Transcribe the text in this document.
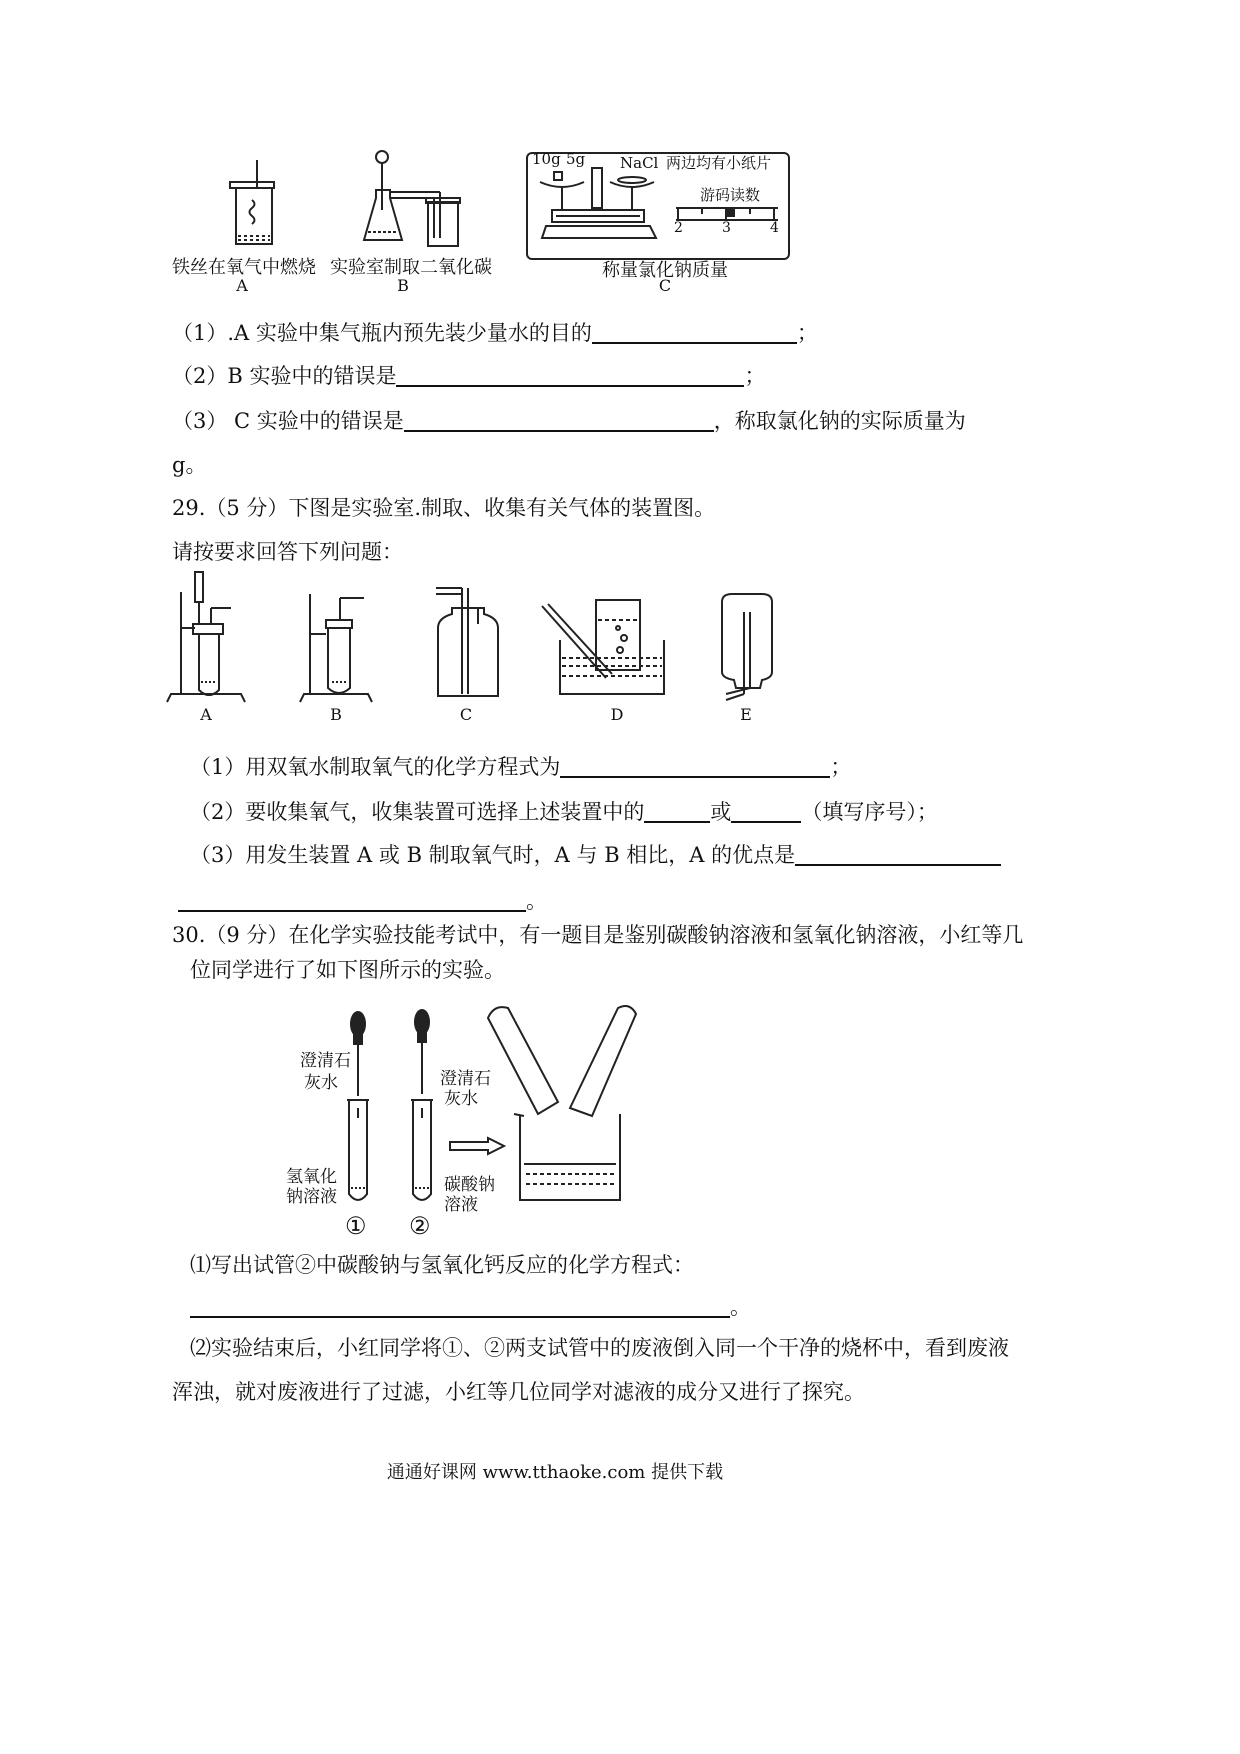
铁丝在氧气中燃烧
A
实验室制取二氧化碳
B
10g 5g NaCl 两边均有小纸片
游码读数
2	3	4
称量氯化钠质量
C
（1）.A 实验中集气瓶内预先装少量水的目的	；
（2）B 实验中的错误是	；
（3） C 实验中的错误是	，称取氯化钠的实际质量为
g。
29.（5 分）下图是实验室.制取、收集有关气体的装置图。
请按要求回答下列问题：
A	B	C	D	E
（1）用双氧水制取氧气的化学方程式为	；
（2）要收集氧气，收集装置可选择上述装置中的	或	（填写序号）；
（3）用发生装置 A 或 B 制取氧气时，A 与 B 相比，A 的优点是
。
30.（9 分）在化学实验技能考试中，有一题目是鉴别碳酸钠溶液和氢氧化钠溶液，小红等几
位同学进行了如下图所示的实验。
澄清石
灰水	澄清石
灰水
氢氧化
钠溶液
碳酸钠
溶液
① ②
⑴写出试管②中碳酸钠与氢氧化钙反应的化学方程式：
。
⑵实验结束后，小红同学将①、②两支试管中的废液倒入同一个干净的烧杯中，看到废液
浑浊，就对废液进行了过滤，小红等几位同学对滤液的成分又进行了探究。
通通好课网 www.tthaoke.com 提供下载
